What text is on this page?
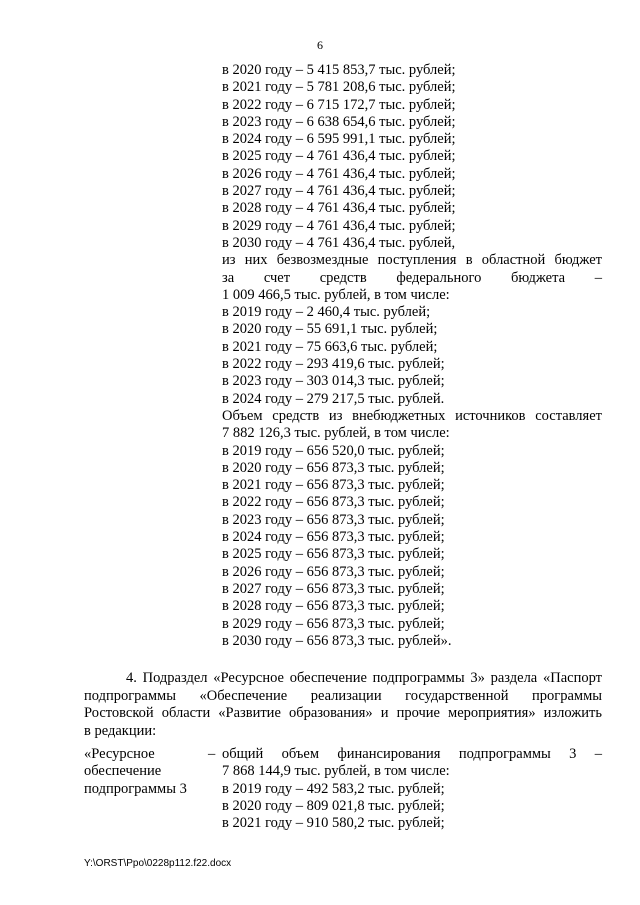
6
в 2020 году – 5 415 853,7 тыс. рублей;
в 2021 году – 5 781 208,6 тыс. рублей;
в 2022 году – 6 715 172,7 тыс. рублей;
в 2023 году – 6 638 654,6 тыс. рублей;
в 2024 году – 6 595 991,1 тыс. рублей;
в 2025 году – 4 761 436,4 тыс. рублей;
в 2026 году – 4 761 436,4 тыс. рублей;
в 2027 году – 4 761 436,4 тыс. рублей;
в 2028 году – 4 761 436,4 тыс. рублей;
в 2029 году – 4 761 436,4 тыс. рублей;
в 2030 году – 4 761 436,4 тыс. рублей,
из них безвозмездные поступления в областной бюджет
за счет средств федерального бюджета –
1 009 466,5 тыс. рублей, в том числе:
в 2019 году – 2 460,4 тыс. рублей;
в 2020 году – 55 691,1 тыс. рублей;
в 2021 году – 75 663,6 тыс. рублей;
в 2022 году – 293 419,6 тыс. рублей;
в 2023 году – 303 014,3 тыс. рублей;
в 2024 году – 279 217,5 тыс. рублей.
Объем средств из внебюджетных источников составляет
7 882 126,3 тыс. рублей, в том числе:
в 2019 году – 656 520,0 тыс. рублей;
в 2020 году – 656 873,3 тыс. рублей;
в 2021 году – 656 873,3 тыс. рублей;
в 2022 году – 656 873,3 тыс. рублей;
в 2023 году – 656 873,3 тыс. рублей;
в 2024 году – 656 873,3 тыс. рублей;
в 2025 году – 656 873,3 тыс. рублей;
в 2026 году – 656 873,3 тыс. рублей;
в 2027 году – 656 873,3 тыс. рублей;
в 2028 году – 656 873,3 тыс. рублей;
в 2029 году – 656 873,3 тыс. рублей;
в 2030 году – 656 873,3 тыс. рублей».
4. Подраздел «Ресурсное обеспечение подпрограммы 3» раздела «Паспорт
подпрограммы «Обеспечение реализации государственной программы
Ростовской области «Развитие образования» и прочие мероприятия» изложить
в редакции:
«Ресурсное
обеспечение
подпрограммы 3
– общий объем финансирования подпрограммы 3 –
7 868 144,9 тыс. рублей, в том числе:
в 2019 году – 492 583,2 тыс. рублей;
в 2020 году – 809 021,8 тыс. рублей;
в 2021 году – 910 580,2 тыс. рублей;
Y:\ORST\Ppo\0228p112.f22.docx
